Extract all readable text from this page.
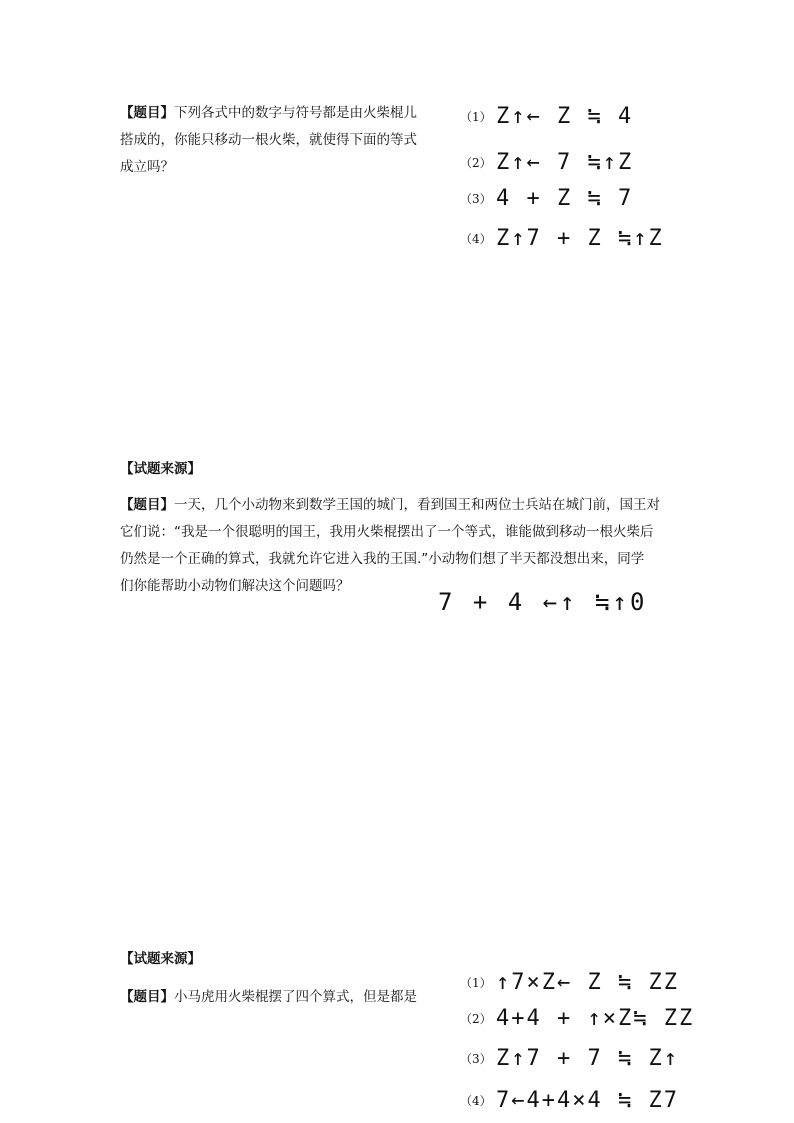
【题目】下列各式中的数字与符号都是由火柴棍儿
搭成的，你能只移动一根火柴，就使得下面的等式
成立吗？
（1） Z↑← Z ≒ 4
（2） Z↑← 7 ≒↑Z
（3） 4 + Z ≒ 7
（4） Z↑7 + Z ≒↑Z
【试题来源】
【题目】一天，几个小动物来到数学王国的城门，看到国王和两位士兵站在城门前，国王对
它们说：“我是一个很聪明的国王，我用火柴棍摆出了一个等式，谁能做到移动一根火柴后
仍然是一个正确的算式，我就允许它进入我的王国.”小动物们想了半天都没想出来，同学
们你能帮助小动物们解决这个问题吗？
7 + 4 ←↑ ≒↑0
【试题来源】
【题目】小马虎用火柴棍摆了四个算式，但是都是
（1） ↑7×Z← Z ≒ ZZ
（2） 4+4 + ↑×Z≒ ZZ
（3） Z↑7 + 7 ≒ Z↑
（4） 7←4+4×4 ≒ Z7
